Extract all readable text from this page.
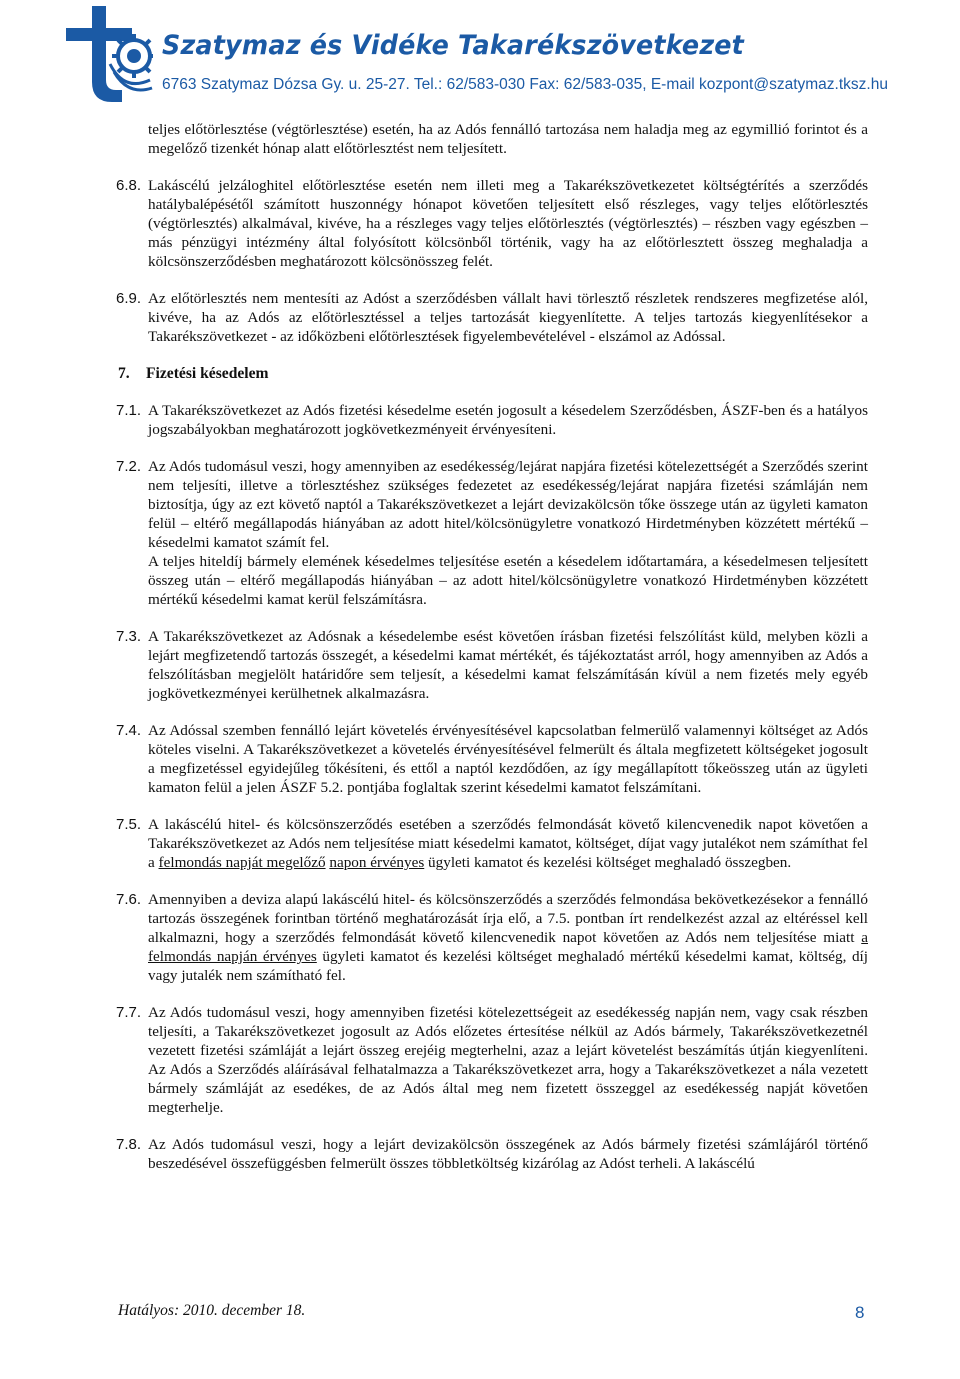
Szatymaz és Vidéke Takarékszövetkezet
6763 Szatymaz Dózsa Gy. u. 25-27. Tel.: 62/583-030 Fax: 62/583-035, E-mail kozpont@szatymaz.tksz.hu

teljes előtörlesztése (végtörlesztése) esetén, ha az Adós fennálló tartozása nem haladja meg az egymillió forintot és a megelőző tizenkét hónap alatt előtörlesztést nem teljesített.

6.8. Lakáscélú jelzáloghitel előtörlesztése esetén nem illeti meg a Takarékszövetkezetet költségtérítés a szerződés hatálybalépésétől számított huszonnégy hónapot követően teljesített első részleges, vagy teljes előtörlesztés (végtörlesztés) alkalmával, kivéve, ha a részleges vagy teljes előtörlesztés (végtörlesztés) – részben vagy egészben – más pénzügyi intézmény által folyósított kölcsönből történik, vagy ha az előtörlesztett összeg meghaladja a kölcsönszerződésben meghatározott kölcsönösszeg felét.
6.9. Az előtörlesztés nem mentesíti az Adóst a szerződésben vállalt havi törlesztő részletek rendszeres megfizetése alól, kivéve, ha az Adós az előtörlesztéssel a teljes tartozását kiegyenlítette. A teljes tartozás kiegyenlítésekor a Takarékszövetkezet - az időközbeni előtörlesztések figyelembevételével - elszámol az Adóssal.
7. Fizetési késedelem
7.1. A Takarékszövetkezet az Adós fizetési késedelme esetén jogosult a késedelem Szerződésben, ÁSZF-ben és a hatályos jogszabályokban meghatározott jogkövetkezményeit érvényesíteni.
7.2. Az Adós tudomásul veszi, hogy amennyiben az esedékesség/lejárat napjára fizetési kötelezettségét a Szerződés szerint nem teljesíti, illetve a törlesztéshez szükséges fedezetet az esedékesség/lejárat napjára fizetési számláján nem biztosítja, úgy az ezt követő naptól a Takarékszövetkezet a lejárt devizakölcsön tőke összege után az ügyleti kamaton felül – eltérő megállapodás hiányában az adott hitel/kölcsönügyletre vonatkozó Hirdetményben közzétett mértékű – késedelmi kamatot számít fel.
A teljes hiteldíj bármely elemének késedelmes teljesítése esetén a késedelem időtartamára, a késedelmesen teljesített összeg után – eltérő megállapodás hiányában – az adott hitel/kölcsönügyletre vonatkozó Hirdetményben közzétett mértékű késedelmi kamat kerül felszámításra.
7.3. A Takarékszövetkezet az Adósnak a késedelembe esést követően írásban fizetési felszólítást küld, melyben közli a lejárt megfizetendő tartozás összegét, a késedelmi kamat mértékét, és tájékoztatást arról, hogy amennyiben az Adós a felszólításban megjelölt határidőre sem teljesít, a késedelmi kamat felszámításán kívül a nem fizetés mely egyéb jogkövetkezményei kerülhetnek alkalmazásra.
7.4. Az Adóssal szemben fennálló lejárt követelés érvényesítésével kapcsolatban felmerülő valamennyi költséget az Adós köteles viselni. A Takarékszövetkezet a követelés érvényesítésével felmerült és általa megfizetett költségeket jogosult a megfizetéssel egyidejűleg tőkésíteni, és ettől a naptól kezdődően, az így megállapított tőkeösszeg után az ügyleti kamaton felül a jelen ÁSZF 5.2. pontjába foglaltak szerint késedelmi kamatot felszámítani.
7.5. A lakáscélú hitel- és kölcsönszerződés esetében a szerződés felmondását követő kilencvenedik napot követően a Takarékszövetkezet az Adós nem teljesítése miatt késedelmi kamatot, költséget, díjat vagy jutalékot nem számíthat fel a felmondás napját megelőző napon érvényes ügyleti kamatot és kezelési költséget meghaladó összegben.
7.6. Amennyiben a deviza alapú lakáscélú hitel- és kölcsönszerződés a szerződés felmondása bekövetkezésekor a fennálló tartozás összegének forintban történő meghatározását írja elő, a 7.5. pontban írt rendelkezést azzal az eltéréssel kell alkalmazni, hogy a szerződés felmondását követő kilencvenedik napot követően az Adós nem teljesítése miatt a felmondás napján érvényes ügyleti kamatot és kezelési költséget meghaladó mértékű késedelmi kamat, költség, díj vagy jutalék nem számítható fel.
7.7. Az Adós tudomásul veszi, hogy amennyiben fizetési kötelezettségeit az esedékesség napján nem, vagy csak részben teljesíti, a Takarékszövetkezet jogosult az Adós előzetes értesítése nélkül az Adós bármely, Takarékszövetkezetnél vezetett fizetési számláját a lejárt összeg erejéig megterhelni, azaz a lejárt követelést beszámítás útján kiegyenlíteni. Az Adós a Szerződés aláírásával felhatalmazza a Takarékszövetkezet arra, hogy a Takarékszövetkezet a nála vezetett bármely számláját az esedékes, de az Adós által meg nem fizetett összeggel az esedékesség napját követően megterhelje.
7.8. Az Adós tudomásul veszi, hogy a lejárt devizakölcsön összegének az Adós bármely fizetési számlájáról történő beszedésével összefüggésben felmerült összes többletköltség kizárólag az Adóst terheli. A lakáscélú
Hatályos: 2010. december 18.	8
